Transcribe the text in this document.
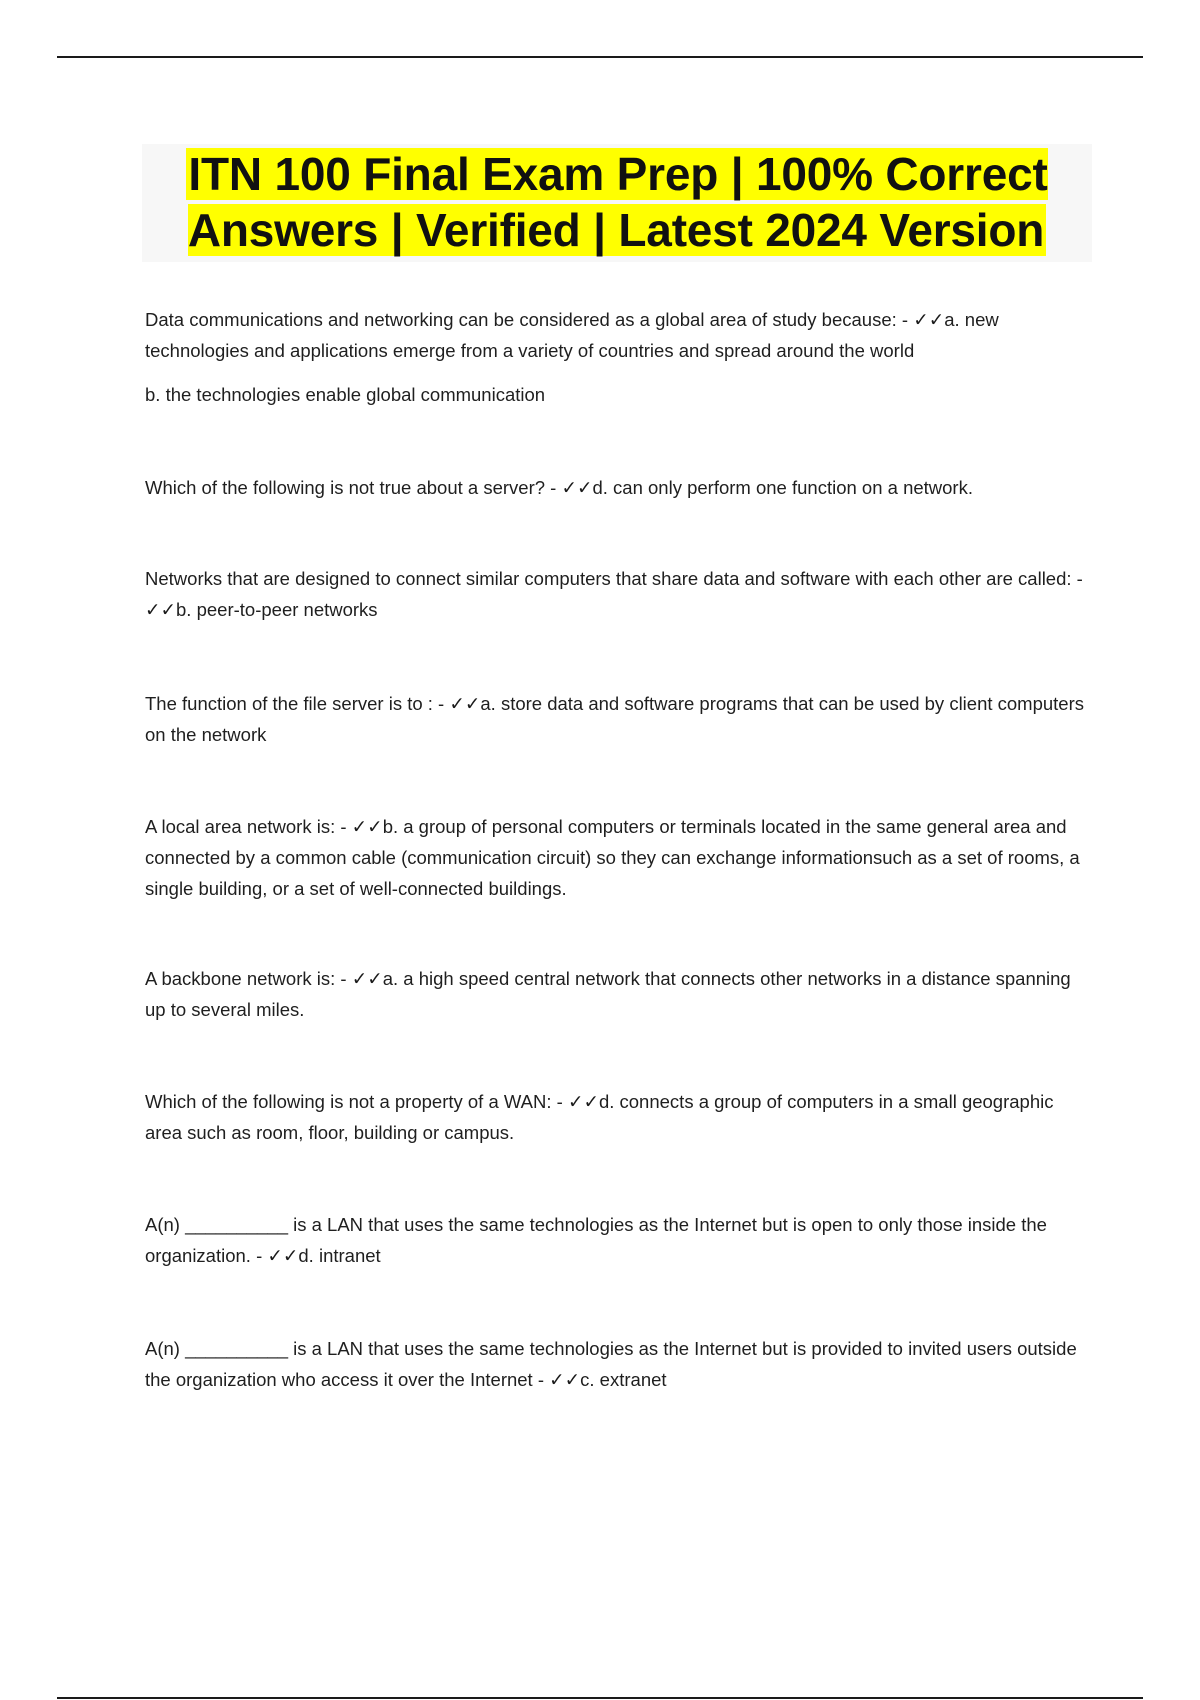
ITN 100 Final Exam Prep | 100% Correct Answers | Verified | Latest 2024 Version

Data communications and networking can be considered as a global area of study because: - ✓✓a. new technologies and applications emerge from a variety of countries and spread around the world

b. the technologies enable global communication

Which of the following is not true about a server? - ✓✓d. can only perform one function on a network.

Networks that are designed to connect similar computers that share data and software with each other are called: - ✓✓b. peer-to-peer networks

The function of the file server is to : - ✓✓a. store data and software programs that can be used by client computers on the network

A local area network is: - ✓✓b. a group of personal computers or terminals located in the same general area and connected by a common cable (communication circuit) so they can exchange informationsuch as a set of rooms, a single building, or a set of well-connected buildings.

A backbone network is: - ✓✓a. a high speed central network that connects other networks in a distance spanning up to several miles.

Which of the following is not a property of a WAN: - ✓✓d. connects a group of computers in a small geographic area such as room, floor, building or campus.

A(n) __________ is a LAN that uses the same technologies as the Internet but is open to only those inside the organization. - ✓✓d. intranet

A(n) __________ is a LAN that uses the same technologies as the Internet but is provided to invited users outside the organization who access it over the Internet - ✓✓c. extranet
